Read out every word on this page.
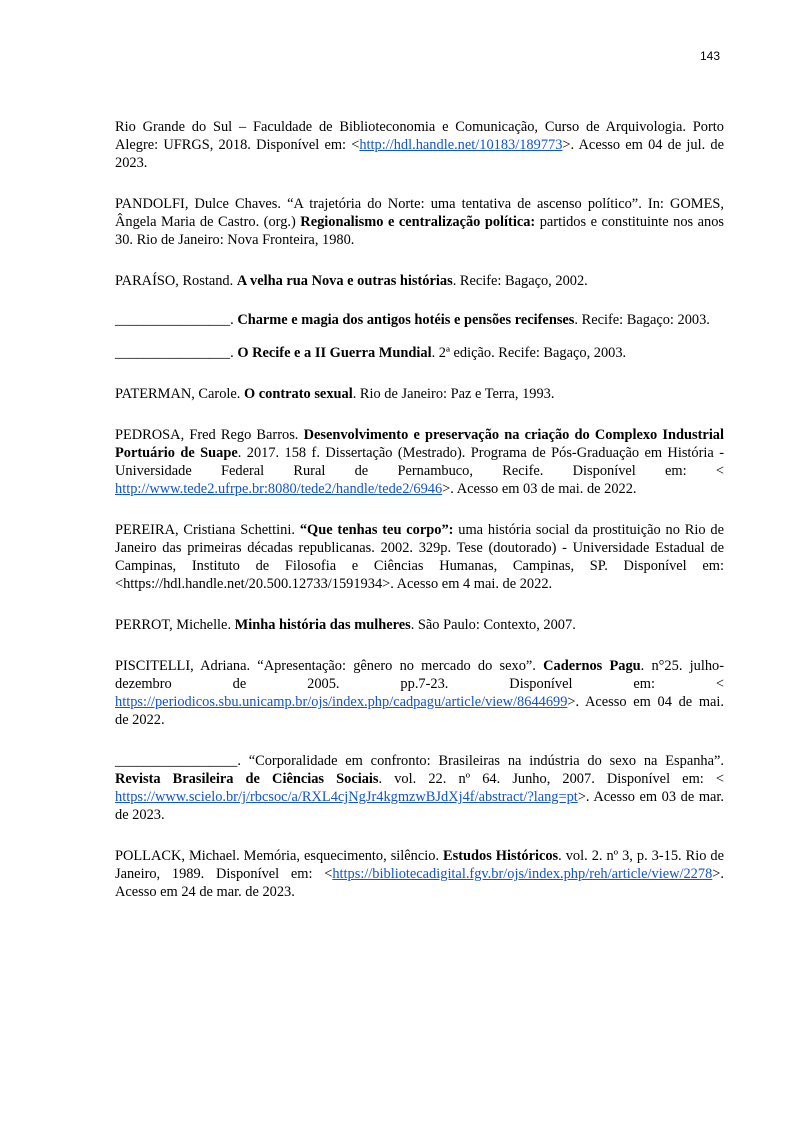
143

Rio Grande do Sul – Faculdade de Biblioteconomia e Comunicação, Curso de Arquivologia. Porto Alegre: UFRGS, 2018. Disponível em: <http://hdl.handle.net/10183/189773>. Acesso em 04 de jul. de 2023.

PANDOLFI, Dulce Chaves. “A trajetória do Norte: uma tentativa de ascenso político”. In: GOMES, Ângela Maria de Castro. (org.) Regionalismo e centralização política: partidos e constituinte nos anos 30. Rio de Janeiro: Nova Fronteira, 1980.

PARAÍSO, Rostand. A velha rua Nova e outras histórias. Recife: Bagaço, 2002.

________________. Charme e magia dos antigos hotéis e pensões recifenses. Recife: Bagaço: 2003.

________________. O Recife e a II Guerra Mundial. 2ª edição. Recife: Bagaço, 2003.

PATERMAN, Carole. O contrato sexual. Rio de Janeiro: Paz e Terra, 1993.

PEDROSA, Fred Rego Barros. Desenvolvimento e preservação na criação do Complexo Industrial Portuário de Suape. 2017. 158 f. Dissertação (Mestrado). Programa de Pós-Graduação em História - Universidade Federal Rural de Pernambuco, Recife. Disponível em: < http://www.tede2.ufrpe.br:8080/tede2/handle/tede2/6946>. Acesso em 03 de mai. de 2022.

PEREIRA, Cristiana Schettini. “Que tenhas teu corpo”: uma história social da prostituição no Rio de Janeiro das primeiras décadas republicanas. 2002. 329p. Tese (doutorado) - Universidade Estadual de Campinas, Instituto de Filosofia e Ciências Humanas, Campinas, SP. Disponível em: <https://hdl.handle.net/20.500.12733/1591934>. Acesso em 4 mai. de 2022.

PERROT, Michelle. Minha história das mulheres. São Paulo: Contexto, 2007.

PISCITELLI, Adriana. “Apresentação: gênero no mercado do sexo”. Cadernos Pagu. n°25. julho-dezembro de 2005. pp.7-23. Disponível em: < https://periodicos.sbu.unicamp.br/ojs/index.php/cadpagu/article/view/8644699>. Acesso em 04 de mai. de 2022.

_________________. “Corporalidade em confronto: Brasileiras na indústria do sexo na Espanha”. Revista Brasileira de Ciências Sociais. vol. 22. nº 64. Junho, 2007. Disponível em: < https://www.scielo.br/j/rbcsoc/a/RXL4cjNgJr4kgmzwBJdXj4f/abstract/?lang=pt>. Acesso em 03 de mar. de 2023.

POLLACK, Michael. Memória, esquecimento, silêncio. Estudos Históricos. vol. 2. nº 3, p. 3-15. Rio de Janeiro, 1989. Disponível em: <https://bibliotecadigital.fgv.br/ojs/index.php/reh/article/view/2278>. Acesso em 24 de mar. de 2023.
